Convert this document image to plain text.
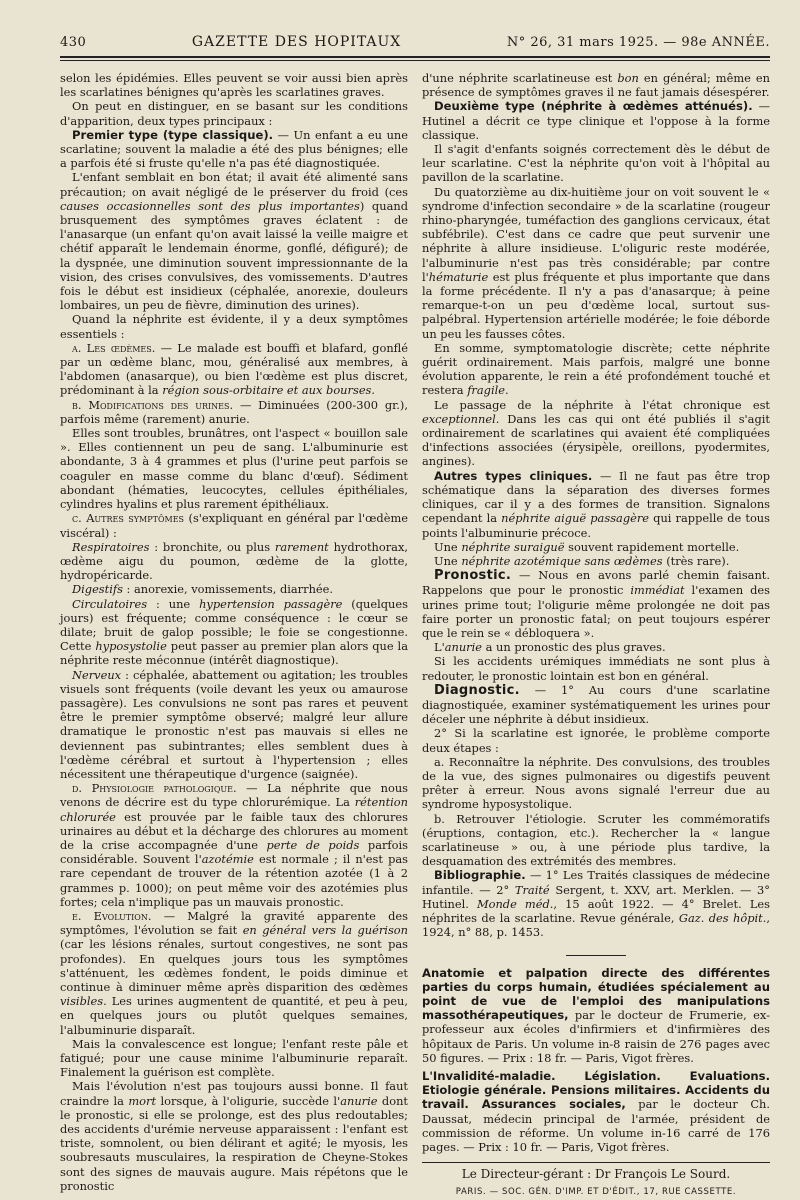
430	GAZETTE DES HOPITAUX	N° 26, 31 mars 1925. — 98e ANNÉE.

selon les épidémies. Elles peuvent se voir aussi bien après les scarlatines bénignes qu'après les scarlatines graves.

On peut en distinguer, en se basant sur les conditions d'apparition, deux types principaux :

Premier type (type classique). — Un enfant a eu une scarlatine; souvent la maladie a été des plus bénignes; elle a parfois été si fruste qu'elle n'a pas été diagnostiquée.

L'enfant semblait en bon état; il avait été alimenté sans précaution; on avait négligé de le préserver du froid (ces causes occasionnelles sont des plus importantes) quand brusquement des symptômes graves éclatent : de l'anasarque (un enfant qu'on avait laissé la veille maigre et chétif apparaît le lendemain énorme, gonflé, défiguré); de la dyspnée, une diminution souvent impressionnante de la vision, des crises convulsives, des vomissements. D'autres fois le début est insidieux (céphalée, anorexie, douleurs lombaires, un peu de fièvre, diminution des urines).

Quand la néphrite est évidente, il y a deux symptômes essentiels :

a. Les œdèmes. — Le malade est bouffi et blafard, gonflé par un œdème blanc, mou, généralisé aux membres, à l'abdomen (anasarque), ou bien l'œdème est plus discret, prédominant à la région sous-orbitaire et aux bourses.

b. Modifications des urines. — Diminuées (200-300 gr.), parfois même (rarement) anurie.

Elles sont troubles, brunâtres, ont l'aspect « bouillon sale ». Elles contiennent un peu de sang. L'albuminurie est abondante, 3 à 4 grammes et plus (l'urine peut parfois se coaguler en masse comme du blanc d'œuf). Sédiment abondant (hématies, leucocytes, cellules épithéliales, cylindres hyalins et plus rarement épithéliaux.

c. Autres symptômes (s'expliquant en général par l'œdème viscéral) :

Respiratoires : bronchite, ou plus rarement hydrothorax, œdème aigu du poumon, œdème de la glotte, hydropéricarde.

Digestifs : anorexie, vomissements, diarrhée.

Circulatoires : une hypertension passagère (quelques jours) est fréquente; comme conséquence : le cœur se dilate; bruit de galop possible; le foie se congestionne. Cette hyposystolie peut passer au premier plan alors que la néphrite reste méconnue (intérêt diagnostique).

Nerveux : céphalée, abattement ou agitation; les troubles visuels sont fréquents (voile devant les yeux ou amaurose passagère). Les convulsions ne sont pas rares et peuvent être le premier symptôme observé; malgré leur allure dramatique le pronostic n'est pas mauvais si elles ne deviennent pas subintrantes; elles semblent dues à l'œdème cérébral et surtout à l'hypertension ; elles nécessitent une thérapeutique d'urgence (saignée).

d. Physiologie pathologique. — La néphrite que nous venons de décrire est du type chlorurémique. La rétention chlorurée est prouvée par le faible taux des chlorures urinaires au début et la décharge des chlorures au moment de la crise accompagnée d'une perte de poids parfois considérable. Souvent l'azotémie est normale ; il n'est pas rare cependant de trouver de la rétention azotée (1 à 2 grammes p. 1000); on peut même voir des azotémies plus fortes; cela n'implique pas un mauvais pronostic.

e. Evolution. — Malgré la gravité apparente des symptômes, l'évolution se fait en général vers la guérison (car les lésions rénales, surtout congestives, ne sont pas profondes). En quelques jours tous les symptômes s'atténuent, les œdèmes fondent, le poids diminue et continue à diminuer même après disparition des œdèmes visibles. Les urines augmentent de quantité, et peu à peu, en quelques jours ou plutôt quelques semaines, l'albuminurie disparaît.

Mais la convalescence est longue; l'enfant reste pâle et fatigué; pour une cause minime l'albuminurie reparaît. Finalement la guérison est complète.

Mais l'évolution n'est pas toujours aussi bonne. Il faut craindre la mort lorsque, à l'oligurie, succède l'anurie dont le pronostic, si elle se prolonge, est des plus redoutables; des accidents d'urémie nerveuse apparaissent : l'enfant est triste, somnolent, ou bien délirant et agité; le myosis, les soubresauts musculaires, la respiration de Cheyne-Stokes sont des signes de mauvais augure. Mais répétons que le pronostic

d'une néphrite scarlatineuse est bon en général; même en présence de symptômes graves il ne faut jamais désespérer.

Deuxième type (néphrite à œdèmes atténués). — Hutinel a décrit ce type clinique et l'oppose à la forme classique.

Il s'agit d'enfants soignés correctement dès le début de leur scarlatine. C'est la néphrite qu'on voit à l'hôpital au pavillon de la scarlatine.

Du quatorzième au dix-huitième jour on voit souvent le « syndrome d'infection secondaire » de la scarlatine (rougeur rhino-pharyngée, tuméfaction des ganglions cervicaux, état subfébrile). C'est dans ce cadre que peut survenir une néphrite à allure insidieuse. L'oliguric reste modérée, l'albuminurie n'est pas très considérable; par contre l'hématurie est plus fréquente et plus importante que dans la forme précédente. Il n'y a pas d'anasarque; à peine remarque-t-on un peu d'œdème local, surtout sus-palpébral. Hypertension artérielle modérée; le foie déborde un peu les fausses côtes.

En somme, symptomatologie discrète; cette néphrite guérit ordinairement. Mais parfois, malgré une bonne évolution apparente, le rein a été profondément touché et restera fragile.

Le passage de la néphrite à l'état chronique est exceptionnel. Dans les cas qui ont été publiés il s'agit ordinairement de scarlatines qui avaient été compliquées d'infections associées (érysipèle, oreillons, pyodermites, angines).

Autres types cliniques. — Il ne faut pas être trop schématique dans la séparation des diverses formes cliniques, car il y a des formes de transition. Signalons cependant la néphrite aiguë passagère qui rappelle de tous points l'albuminurie précoce.

Une néphrite suraiguë souvent rapidement mortelle.

Une néphrite azotémique sans œdèmes (très rare).

Pronostic. — Nous en avons parlé chemin faisant. Rappelons que pour le pronostic immédiat l'examen des urines prime tout; l'oligurie même prolongée ne doit pas faire porter un pronostic fatal; on peut toujours espérer que le rein se « débloquera ».

L'anurie a un pronostic des plus graves.

Si les accidents urémiques immédiats ne sont plus à redouter, le pronostic lointain est bon en général.

Diagnostic. — 1° Au cours d'une scarlatine diagnostiquée, examiner systématiquement les urines pour déceler une néphrite à début insidieux.

2° Si la scarlatine est ignorée, le problème comporte deux étapes :

a. Reconnaître la néphrite. Des convulsions, des troubles de la vue, des signes pulmonaires ou digestifs peuvent prêter à erreur. Nous avons signalé l'erreur due au syndrome hyposystolique.

b. Retrouver l'étiologie. Scruter les commémoratifs (éruptions, contagion, etc.). Rechercher la « langue scarlatineuse » ou, à une période plus tardive, la desquamation des extrémités des membres.

Bibliographie. — 1° Les Traités classiques de médecine infantile. — 2° Traité Sergent, t. XXV, art. Merklen. — 3° Hutinel. Monde méd., 15 août 1922. — 4° Brelet. Les néphrites de la scarlatine. Revue générale, Gaz. des hôpit., 1924, n° 88, p. 1453.

Anatomie et palpation directe des différentes parties du corps humain, étudiées spécialement au point de vue de l'emploi des manipulations massothérapeutiques, par le docteur de Frumerie, ex-professeur aux écoles d'infirmiers et d'infirmières des hôpitaux de Paris. Un volume in-8 raisin de 276 pages avec 50 figures. — Prix : 18 fr. — Paris, Vigot frères.

L'Invalidité-maladie. Législation. Evaluations. Etiologie générale. Pensions militaires. Accidents du travail. Assurances sociales, par le docteur Ch. Daussat, médecin principal de l'armée, président de commission de réforme. Un volume in-16 carré de 176 pages. — Prix : 10 fr. — Paris, Vigot frères.

Le Directeur-gérant : Dr François Le Sourd.
PARIS. — SOC. GÉN. D'IMP. ET D'ÉDIT., 17, RUE CASSETTE.
